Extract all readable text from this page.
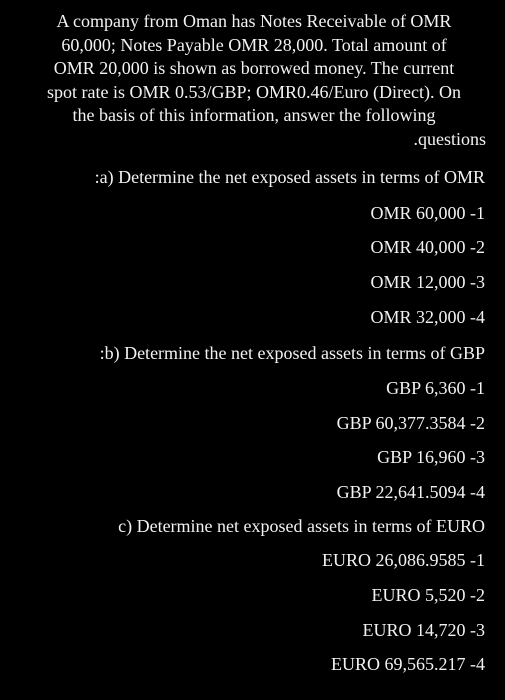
A company from Oman has Notes Receivable of OMR
60,000; Notes Payable OMR 28,000. Total amount of
OMR 20,000 is shown as borrowed money. The current
spot rate is OMR 0.53/GBP; OMR0.46/Euro (Direct). On
the basis of this information, answer the following
.questions
:a) Determine the net exposed assets in terms of OMR
OMR 60,000 -1
OMR 40,000 -2
OMR 12,000 -3
OMR 32,000 -4
:b) Determine the net exposed assets in terms of GBP
GBP 6,360 -1
GBP 60,377.3584 -2
GBP 16,960 -3
GBP 22,641.5094 -4
c) Determine net exposed assets in terms of EURO
EURO 26,086.9585 -1
EURO 5,520 -2
EURO 14,720 -3
EURO 69,565.217 -4
